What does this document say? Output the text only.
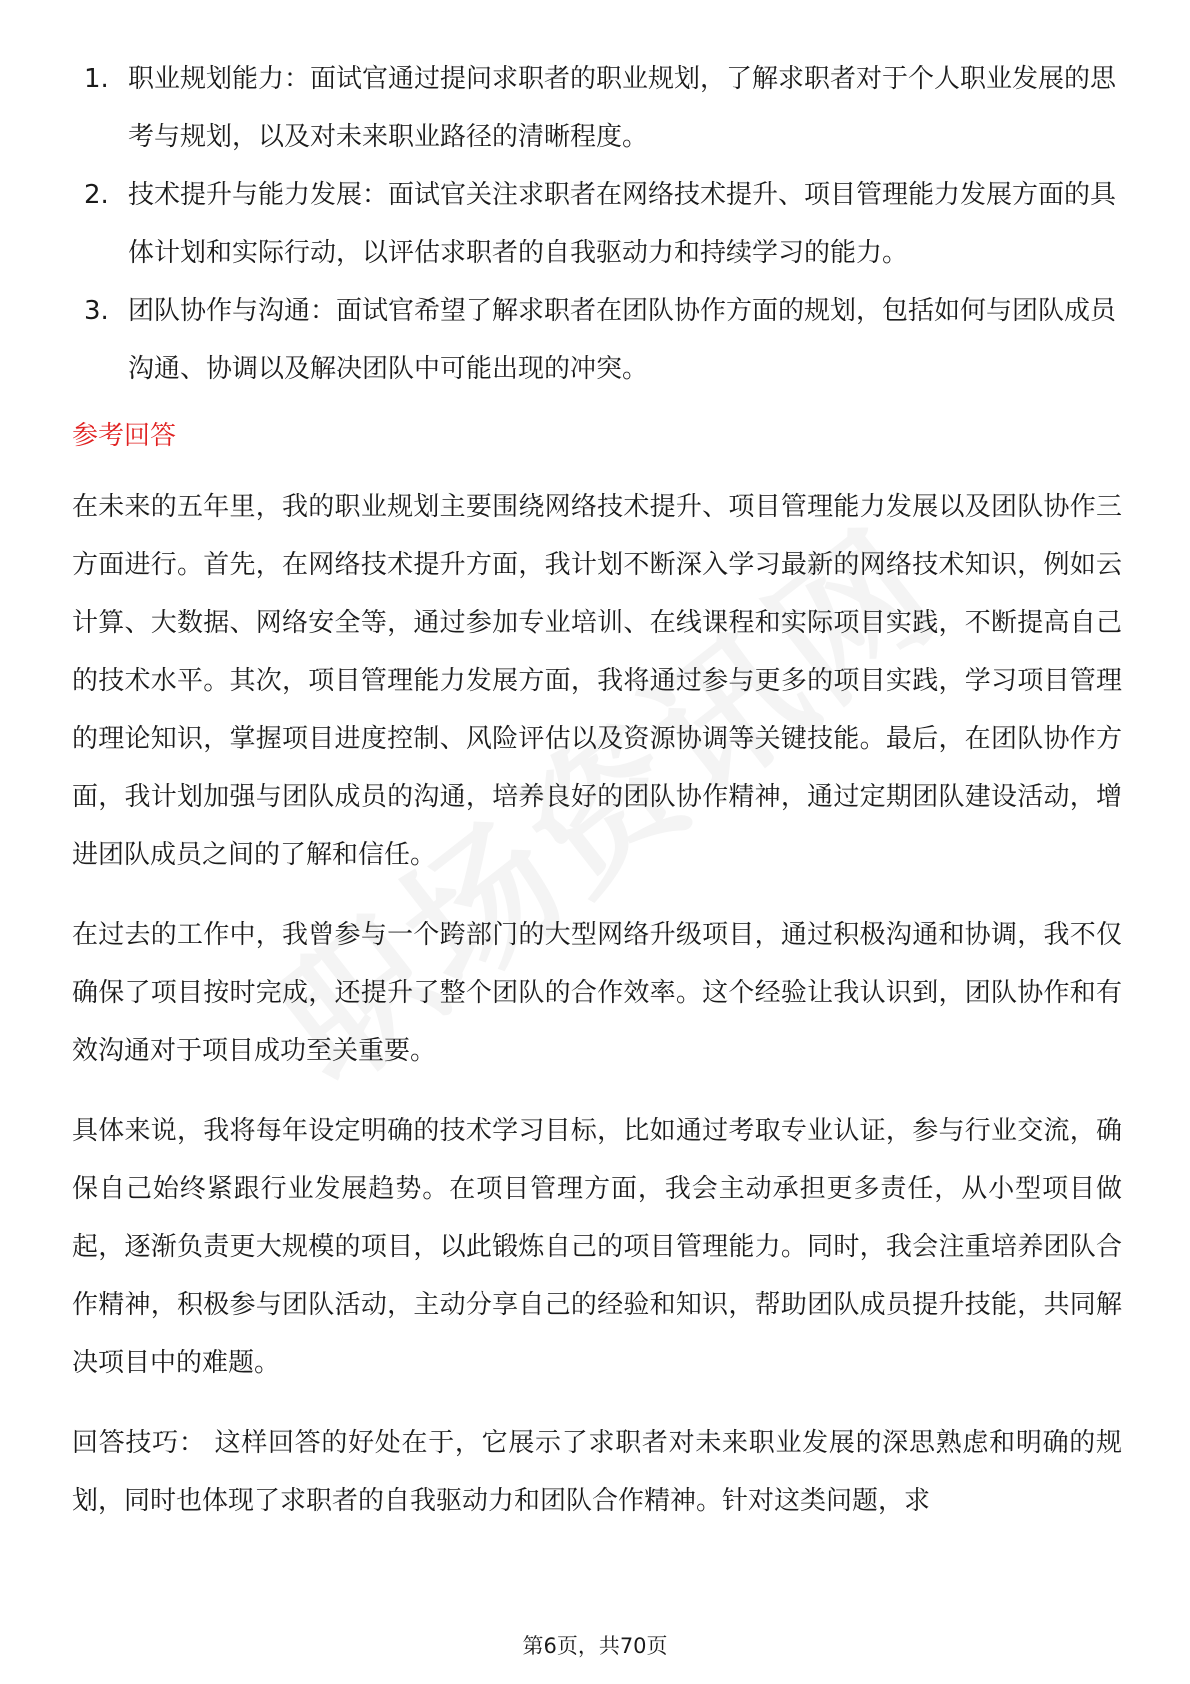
1. 职业规划能力：面试官通过提问求职者的职业规划，了解求职者对于个人职业发展的思考与规划，以及对未来职业路径的清晰程度。
2. 技术提升与能力发展：面试官关注求职者在网络技术提升、项目管理能力发展方面的具体计划和实际行动，以评估求职者的自我驱动力和持续学习的能力。
3. 团队协作与沟通：面试官希望了解求职者在团队协作方面的规划，包括如何与团队成员沟通、协调以及解决团队中可能出现的冲突。
参考回答

在未来的五年里，我的职业规划主要围绕网络技术提升、项目管理能力发展以及团队协作三方面进行。首先，在网络技术提升方面，我计划不断深入学习最新的网络技术知识，例如云计算、大数据、网络安全等，通过参加专业培训、在线课程和实际项目实践，不断提高自己的技术水平。其次，项目管理能力发展方面，我将通过参与更多的项目实践，学习项目管理的理论知识，掌握项目进度控制、风险评估以及资源协调等关键技能。最后，在团队协作方面，我计划加强与团队成员的沟通，培养良好的团队协作精神，通过定期团队建设活动，增进团队成员之间的了解和信任。

在过去的工作中，我曾参与一个跨部门的大型网络升级项目，通过积极沟通和协调，我不仅确保了项目按时完成，还提升了整个团队的合作效率。这个经验让我认识到，团队协作和有效沟通对于项目成功至关重要。

具体来说，我将每年设定明确的技术学习目标，比如通过考取专业认证，参与行业交流，确保自己始终紧跟行业发展趋势。在项目管理方面，我会主动承担更多责任，从小型项目做起，逐渐负责更大规模的项目，以此锻炼自己的项目管理能力。同时，我会注重培养团队合作精神，积极参与团队活动，主动分享自己的经验和知识，帮助团队成员提升技能，共同解决项目中的难题。

回答技巧： 这样回答的好处在于，它展示了求职者对未来职业发展的深思熟虑和明确的规划，同时也体现了求职者的自我驱动力和团队合作精神。针对这类问题，求

第6页，共70页
